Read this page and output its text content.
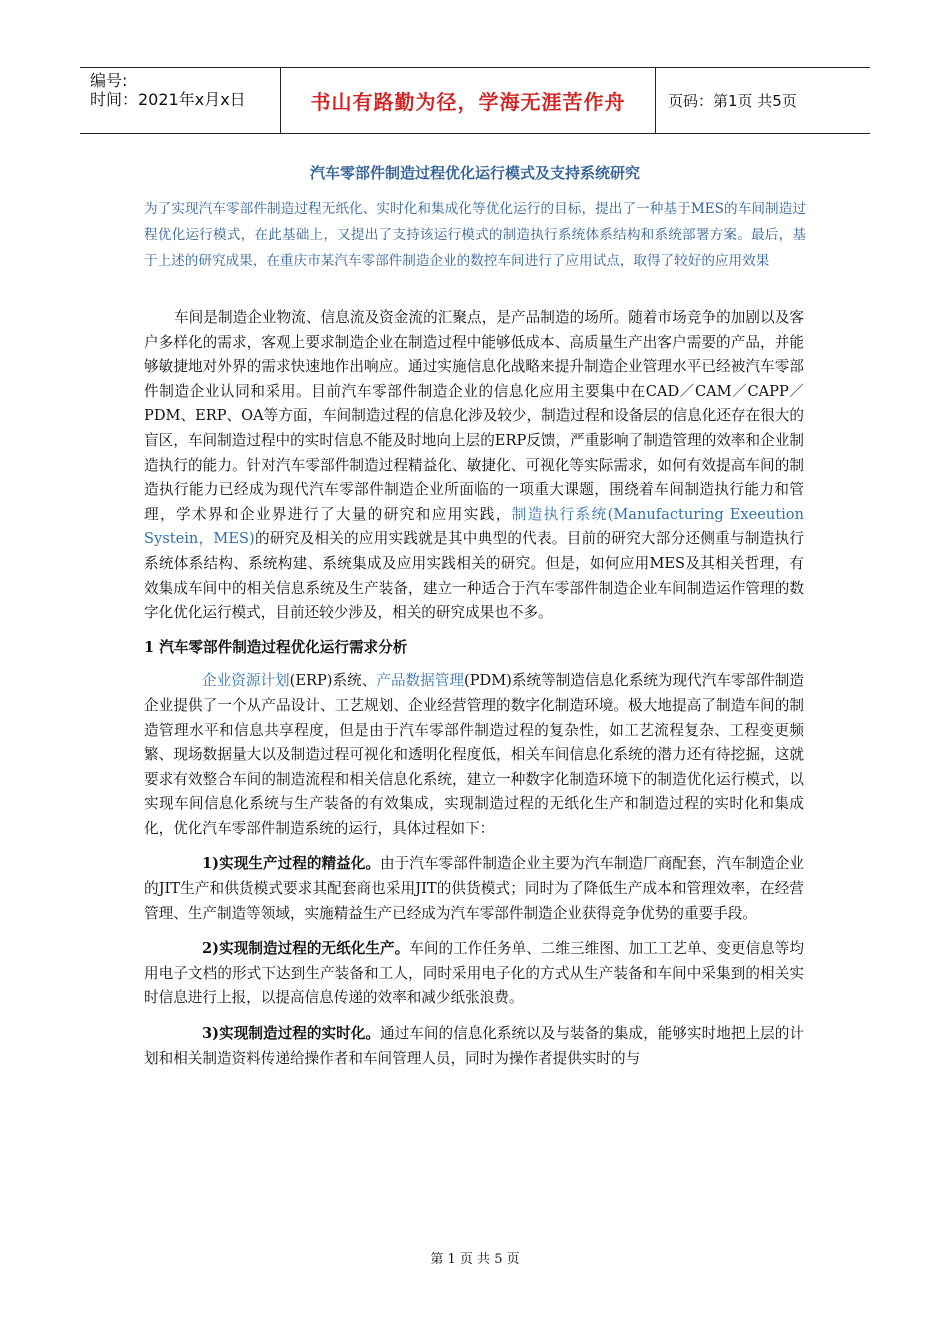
编号:
时间：2021年x月x日	书山有路勤为径，学海无涯苦作舟	页码：第1页 共5页
汽车零部件制造过程优化运行模式及支持系统研究
为了实现汽车零部件制造过程无纸化、实时化和集成化等优化运行的目标，提出了一种基于MES的车间制造过程优化运行模式，在此基础上，又提出了支持该运行模式的制造执行系统体系结构和系统部署方案。最后，基于上述的研究成果，在重庆市某汽车零部件制造企业的数控车间进行了应用试点，取得了较好的应用效果

车间是制造企业物流、信息流及资金流的汇聚点，是产品制造的场所。随着市场竞争的加剧以及客户多样化的需求，客观上要求制造企业在制造过程中能够低成本、高质量生产出客户需要的产品，并能够敏捷地对外界的需求快速地作出响应。通过实施信息化战略来提升制造企业管理水平已经被汽车零部件制造企业认同和采用。目前汽车零部件制造企业的信息化应用主要集中在CAD／CAM／CAPP／PDM、ERP、OA等方面，车间制造过程的信息化涉及较少，制造过程和设备层的信息化还存在很大的盲区，车间制造过程中的实时信息不能及时地向上层的ERP反馈，严重影响了制造管理的效率和企业制造执行的能力。针对汽车零部件制造过程精益化、敏捷化、可视化等实际需求，如何有效提高车间的制造执行能力已经成为现代汽车零部件制造企业所面临的一项重大课题，围绕着车间制造执行能力和管理，学术界和企业界进行了大量的研究和应用实践，制造执行系统(Manufacturing Exeeution Systein，MES)的研究及相关的应用实践就是其中典型的代表。目前的研究大部分还侧重与制造执行系统体系结构、系统构建、系统集成及应用实践相关的研究。但是，如何应用MES及其相关哲理，有效集成车间中的相关信息系统及生产装备，建立一种适合于汽车零部件制造企业车间制造运作管理的数字化优化运行模式，目前还较少涉及，相关的研究成果也不多。

1 汽车零部件制造过程优化运行需求分析

企业资源计划(ERP)系统、产品数据管理(PDM)系统等制造信息化系统为现代汽车零部件制造企业提供了一个从产品设计、工艺规划、企业经营管理的数字化制造环境。极大地提高了制造车间的制造管理水平和信息共享程度，但是由于汽车零部件制造过程的复杂性，如工艺流程复杂、工程变更频繁、现场数据量大以及制造过程可视化和透明化程度低，相关车间信息化系统的潜力还有待挖掘，这就要求有效整合车间的制造流程和相关信息化系统，建立一种数字化制造环境下的制造优化运行模式，以实现车间信息化系统与生产装备的有效集成，实现制造过程的无纸化生产和制造过程的实时化和集成化，优化汽车零部件制造系统的运行，具体过程如下：

1)实现生产过程的精益化。由于汽车零部件制造企业主要为汽车制造厂商配套，汽车制造企业的JIT生产和供货模式要求其配套商也采用JIT的供货模式；同时为了降低生产成本和管理效率，在经营管理、生产制造等领域，实施精益生产已经成为汽车零部件制造企业获得竞争优势的重要手段。

2)实现制造过程的无纸化生产。车间的工作任务单、二维三维图、加工工艺单、变更信息等均用电子文档的形式下达到生产装备和工人，同时采用电子化的方式从生产装备和车间中采集到的相关实时信息进行上报，以提高信息传递的效率和减少纸张浪费。

3)实现制造过程的实时化。通过车间的信息化系统以及与装备的集成，能够实时地把上层的计划和相关制造资料传递给操作者和车间管理人员，同时为操作者提供实时的与

第 1 页 共 5 页
